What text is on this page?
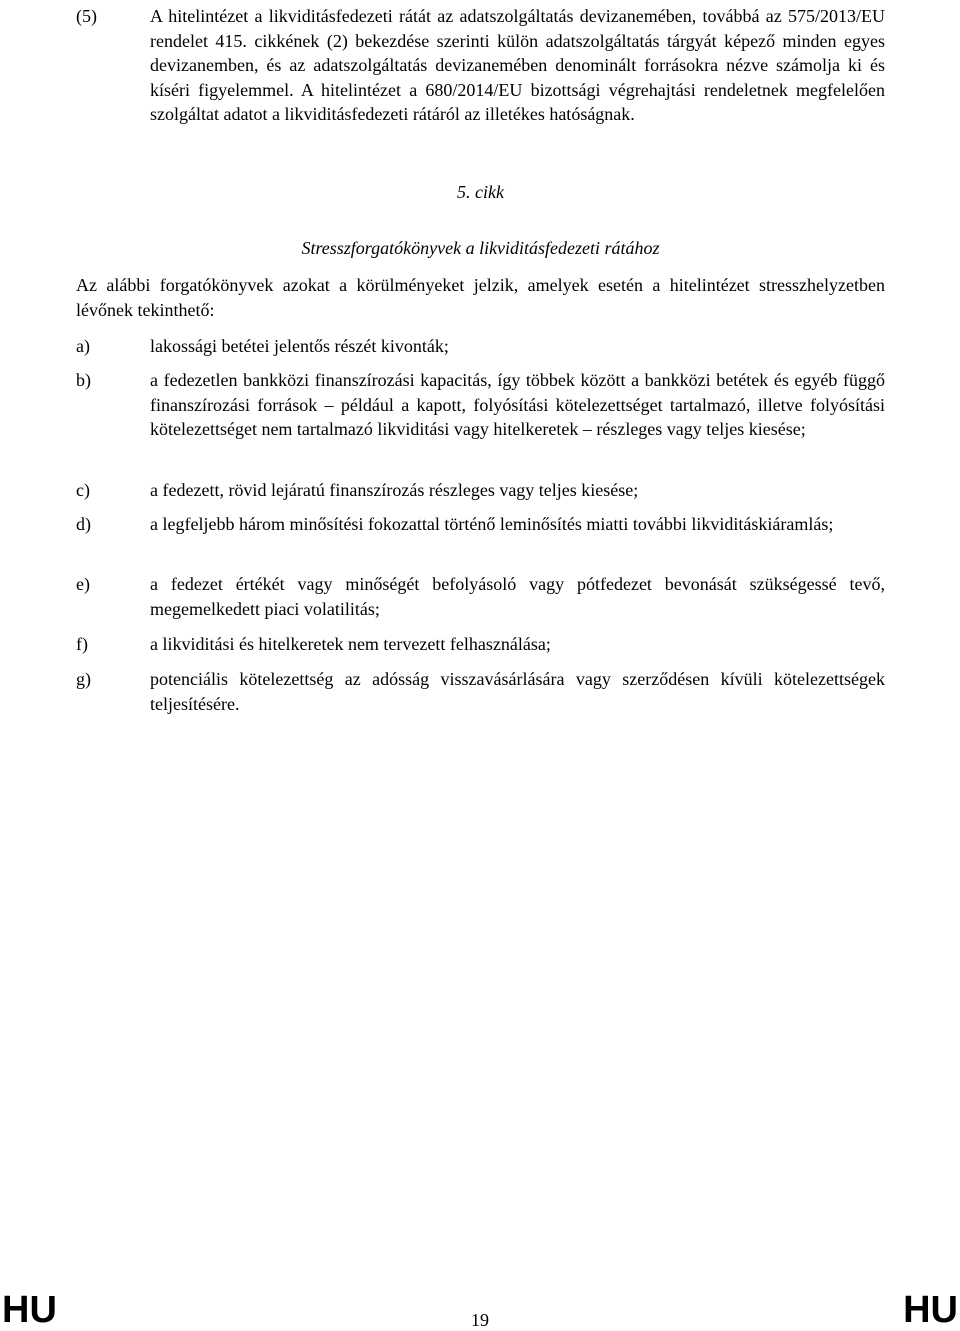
(5)	A hitelintézet a likviditásfedezeti rátát az adatszolgáltatás devizanemében, továbbá az 575/2013/EU rendelet 415. cikkének (2) bekezdése szerinti külön adatszolgáltatás tárgyát képező minden egyes devizanemben, és az adatszolgáltatás devizanemében denominált forrásokra nézve számolja ki és kíséri figyelemmel. A hitelintézet a 680/2014/EU bizottsági végrehajtási rendeletnek megfelelően szolgáltat adatot a likviditásfedezeti rátáról az illetékes hatóságnak.
5. cikk
Stresszforgatókönyvek a likviditásfedezeti rátához
Az alábbi forgatókönyvek azokat a körülményeket jelzik, amelyek esetén a hitelintézet stresszhelyzetben lévőnek tekinthető:
a)	lakossági betétei jelentős részét kivonták;
b)	a fedezetlen bankközi finanszírozási kapacitás, így többek között a bankközi betétek és egyéb függő finanszírozási források – például a kapott, folyósítási kötelezettséget tartalmazó, illetve folyósítási kötelezettséget nem tartalmazó likviditási vagy hitelkeretek – részleges vagy teljes kiesése;
c)	a fedezett, rövid lejáratú finanszírozás részleges vagy teljes kiesése;
d)	a legfeljebb három minősítési fokozattal történő leminősítés miatti további likviditáskiáramlás;
e)	a fedezet értékét vagy minőségét befolyásoló vagy pótfedezet bevonását szükségessé tevő, megemelkedett piaci volatilitás;
f)	a likviditási és hitelkeretek nem tervezett felhasználása;
g)	potenciális kötelezettség az adósság visszavásárlására vagy szerződésen kívüli kötelezettségek teljesítésére.
HU	19	HU
